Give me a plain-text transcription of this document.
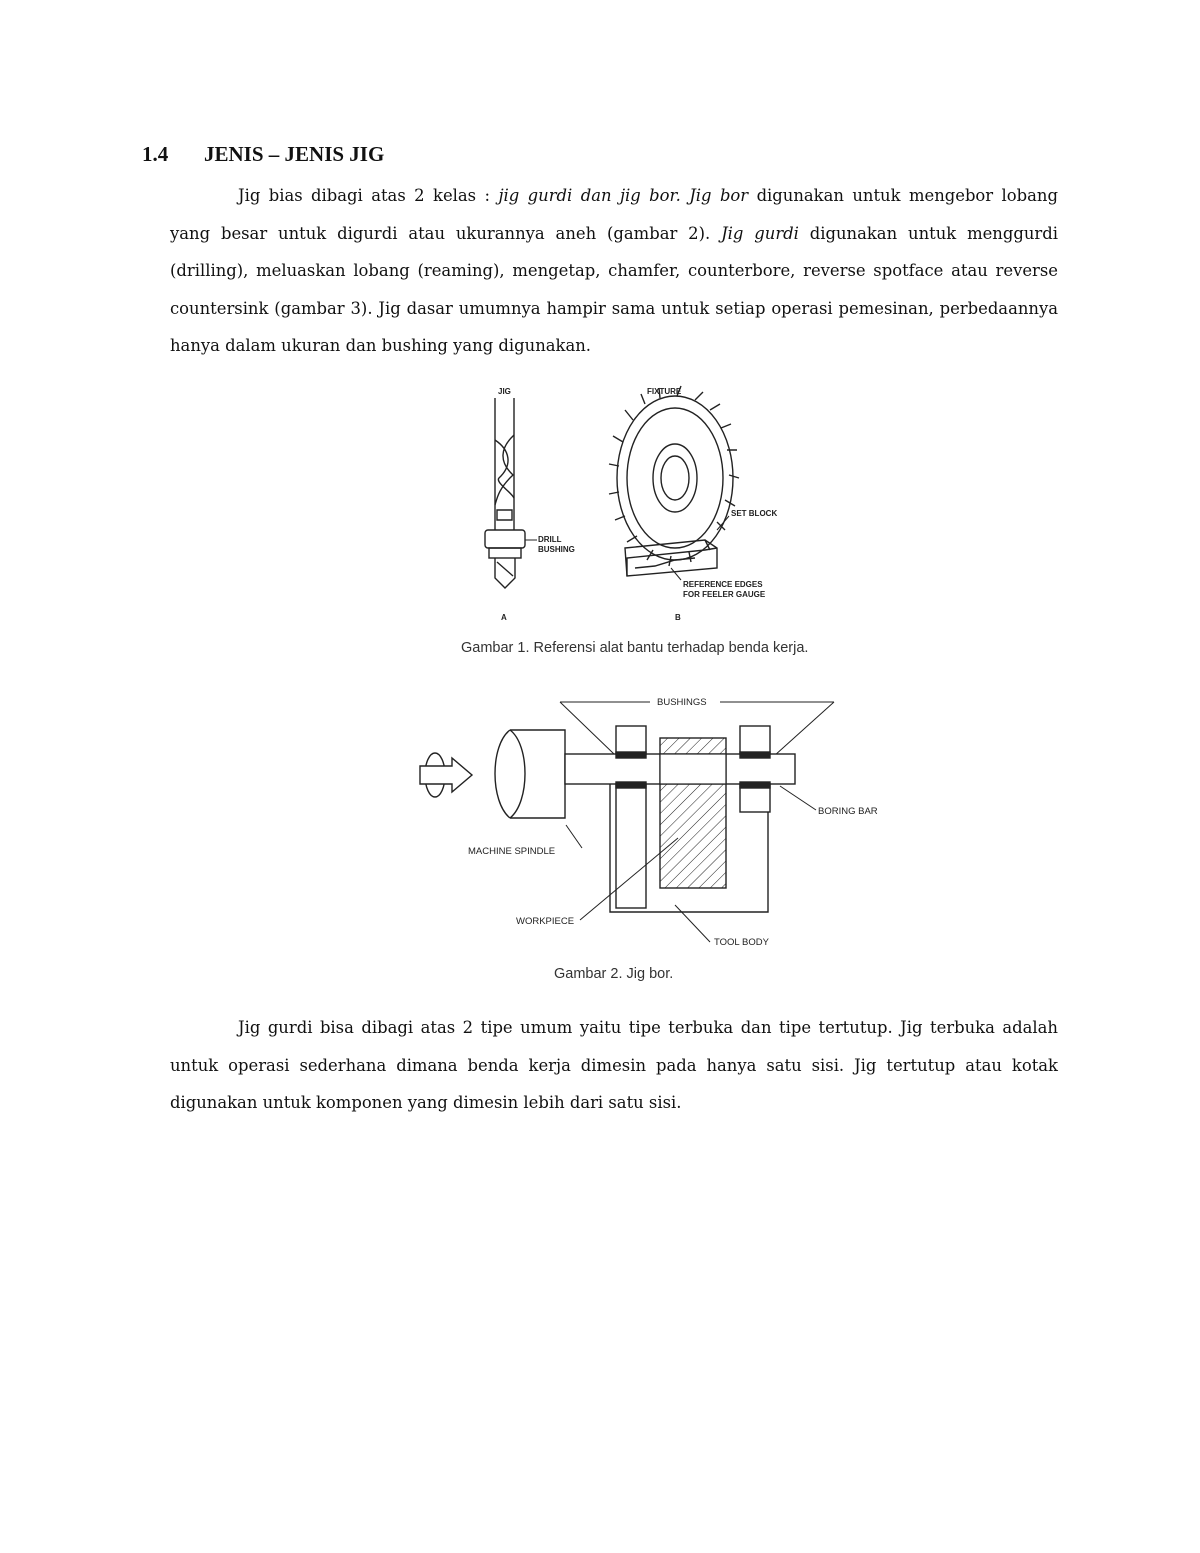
1.4 JENIS – JENIS JIG
Jig bias dibagi atas 2 kelas : jig gurdi dan jig bor. Jig bor digunakan untuk mengebor lobang
yang besar untuk digurdi atau ukurannya aneh (gambar 2). Jig gurdi digunakan untuk menggurdi
(drilling), meluaskan lobang (reaming), mengetap, chamfer, counterbore, reverse spotface atau reverse
countersink (gambar 3). Jig dasar umumnya hampir sama untuk setiap operasi pemesinan, perbedaannya
hanya dalam ukuran dan bushing yang digunakan.
DRILL
BUSHING
JIG	FIXTURE
SET BLOCK
REFERENCE EDGES
FOR FEELER GAUGE
A	B
Gambar 1. Referensi alat bantu terhadap benda kerja.
BUSHINGS
BORING BAR
MACHINE SPINDLE
WORKPIECE
TOOL BODY
Gambar 2. Jig bor.
Jig gurdi bisa dibagi atas 2 tipe umum yaitu tipe terbuka dan tipe tertutup. Jig terbuka adalah
untuk operasi sederhana dimana benda kerja dimesin pada hanya satu sisi. Jig tertutup atau kotak
digunakan untuk komponen yang dimesin lebih dari satu sisi.
